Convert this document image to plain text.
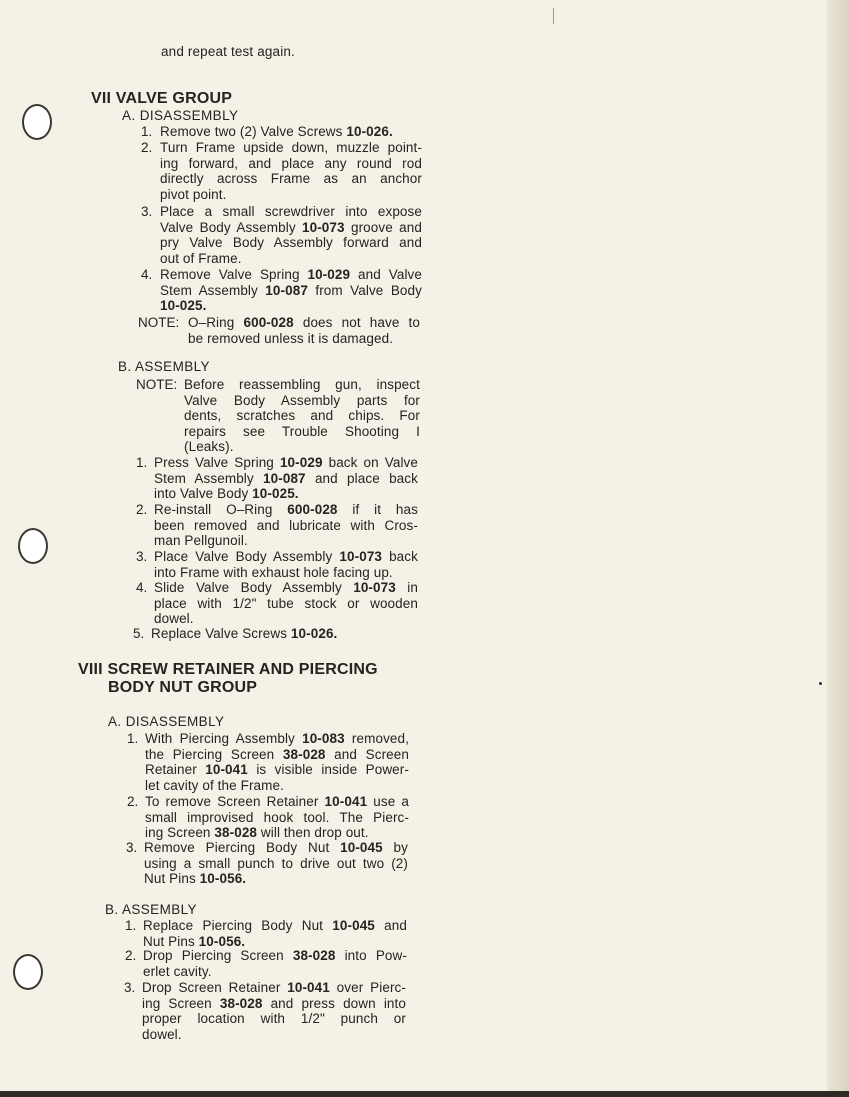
and repeat test again.

VII VALVE GROUP

A. DISASSEMBLY

1. Remove two (2) Valve Screws 10-026.
2. Turn Frame upside down, muzzle point-
ing forward, and place any round rod
directly across Frame as an anchor
pivot point.
3. Place a small screwdriver into expose
Valve Body Assembly 10-073 groove and
pry Valve Body Assembly forward and
out of Frame.
4. Remove Valve Spring 10-029 and Valve
Stem Assembly 10-087 from Valve Body
10-025.
NOTE: O–Ring 600-028 does not have to
be removed unless it is damaged.

B. ASSEMBLY

NOTE: Before reassembling gun, inspect
Valve Body Assembly parts for
dents, scratches and chips. For
repairs see Trouble Shooting I
(Leaks).
1. Press Valve Spring 10-029 back on Valve
Stem Assembly 10-087 and place back
into Valve Body 10-025.
2. Re-install O–Ring 600-028 if it has
been removed and lubricate with Cros-
man Pellgunoil.
3. Place Valve Body Assembly 10-073 back
into Frame with exhaust hole facing up.
4. Slide Valve Body Assembly 10-073 in
place with 1/2" tube stock or wooden
dowel.
5. Replace Valve Screws 10-026.

VIII SCREW RETAINER AND PIERCING

BODY NUT GROUP

A. DISASSEMBLY

1. With Piercing Assembly 10-083 removed,
the Piercing Screen 38-028 and Screen
Retainer 10-041 is visible inside Power-
let cavity of the Frame.
2. To remove Screen Retainer 10-041 use a
small improvised hook tool. The Pierc-
ing Screen 38-028 will then drop out.
3. Remove Piercing Body Nut 10-045 by
using a small punch to drive out two (2)
Nut Pins 10-056.

B. ASSEMBLY

1. Replace Piercing Body Nut 10-045 and
Nut Pins 10-056.
2. Drop Piercing Screen 38-028 into Pow-
erlet cavity.
3. Drop Screen Retainer 10-041 over Pierc-
ing Screen 38-028 and press down into
proper location with 1/2" punch or
dowel.
